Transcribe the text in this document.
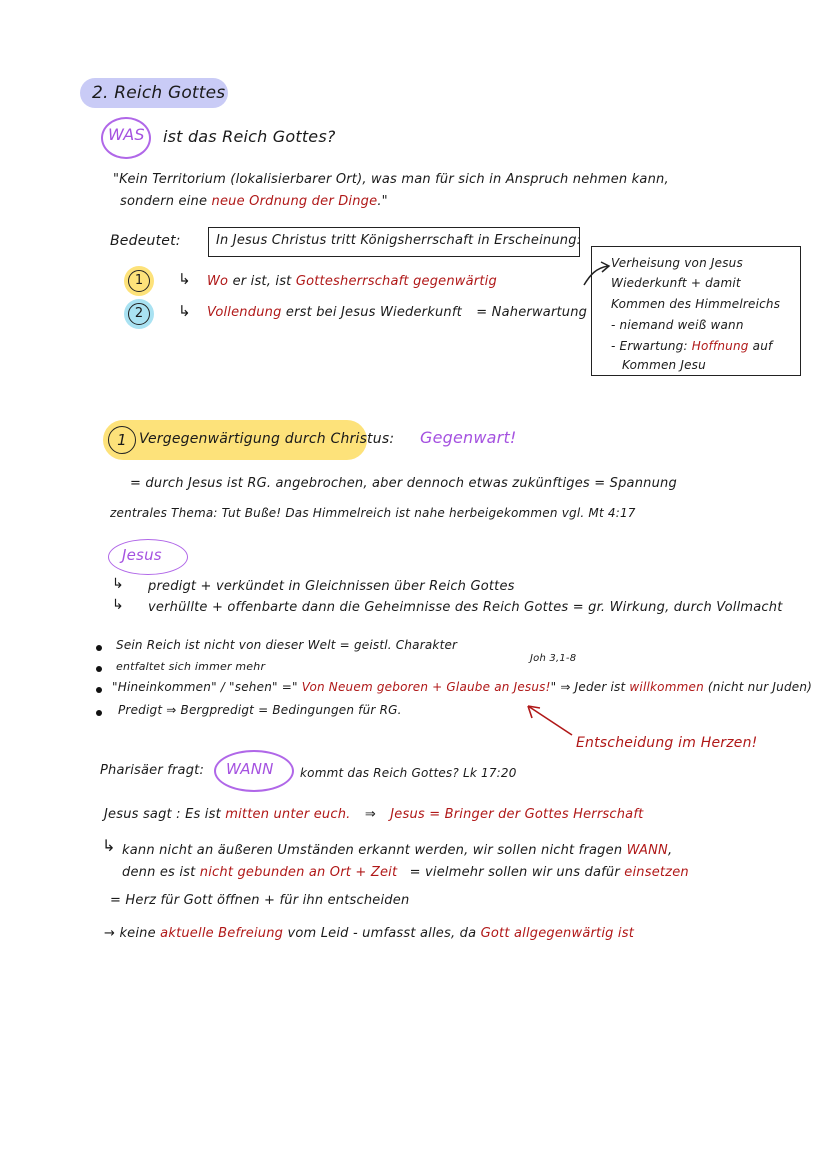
2. Reich Gottes
WAS ist das Reich Gottes?
"Kein Territorium (lokalisierbarer Ort), was man für sich in Anspruch nehmen kann,
sondern eine neue Ordnung der Dinge."
Bedeutet:	In Jesus Christus tritt Königsherrschaft in Erscheinung:
1	↳ Wo er ist, ist Gottesherrschaft gegenwärtig
2	↳ Vollendung erst bei Jesus Wiederkunft = Naherwartung
Verheisung von Jesus
Wiederkunft + damit
Kommen des Himmelreichs
- niemand weiß wann
- Erwartung: Hoffnung auf
Kommen Jesu
1 Vergegenwärtigung durch Christus: Gegenwart!
= durch Jesus ist RG. angebrochen, aber dennoch etwas zukünftiges = Spannung
zentrales Thema: Tut Buße! Das Himmelreich ist nahe herbeigekommen vgl. Mt 4:17
Jesus
↳ predigt + verkündet in Gleichnissen über Reich Gottes
↳ verhüllte + offenbarte dann die Geheimnisse des Reich Gottes = gr. Wirkung, durch Vollmacht
Sein Reich ist nicht von dieser Welt = geistl. Charakter
entfaltet sich immer mehr
Joh 3,1-8
"Hineinkommen" / "sehen" =" Von Neuem geboren + Glaube an Jesus!" ⇒ Jeder ist willkommen (nicht nur Juden)
Predigt ⇒ Bergpredigt = Bedingungen für RG.
Entscheidung im Herzen!
Pharisäer fragt: WANN kommt das Reich Gottes? Lk 17:20
Jesus sagt : Es ist mitten unter euch. ⇒ Jesus = Bringer der Gottes Herrschaft
↳ kann nicht an äußeren Umständen erkannt werden, wir sollen nicht fragen WANN,
denn es ist nicht gebunden an Ort + Zeit = vielmehr sollen wir uns dafür einsetzen
= Herz für Gott öffnen + für ihn entscheiden
→ keine aktuelle Befreiung vom Leid - umfasst alles, da Gott allgegenwärtig ist
